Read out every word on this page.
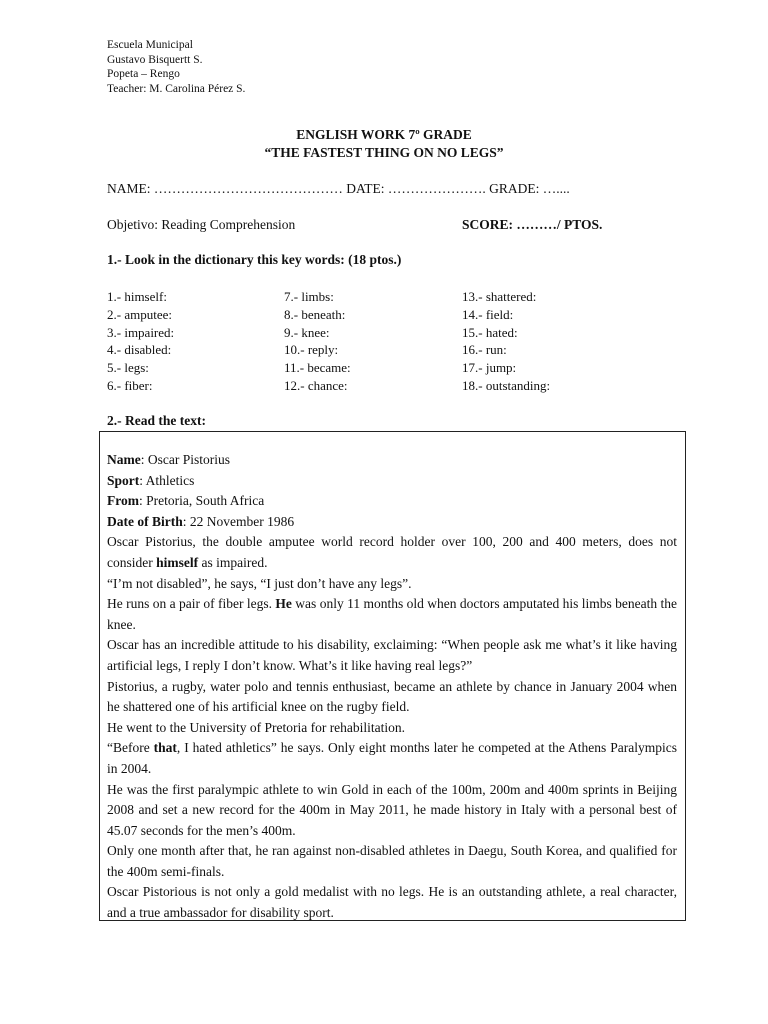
Escuela Municipal
Gustavo Bisquertt S.
Popeta – Rengo
Teacher: M. Carolina Pérez S.
ENGLISH WORK 7º GRADE
“THE FASTEST THING ON NO LEGS”
NAME: …………………………………… DATE: …………………. GRADE: …....
Objetivo: Reading Comprehension	SCORE: ………/ PTOS.
1.- Look in the dictionary this key words: (18 ptos.)
1.- himself:
2.- amputee:
3.- impaired:
4.- disabled:
5.- legs:
6.- fiber:
7.- limbs:
8.- beneath:
9.- knee:
10.- reply:
11.- became:
12.- chance:
13.- shattered:
14.- field:
15.- hated:
16.- run:
17.- jump:
18.- outstanding:
2.- Read the text:

Name: Oscar Pistorius

Sport: Athletics

From: Pretoria, South Africa

Date of Birth: 22 November 1986

Oscar Pistorius, the double amputee world record holder over 100, 200 and 400 meters, does not consider himself as impaired.

“I’m not disabled”, he says, “I just don’t have any legs”.

He runs on a pair of fiber legs. He was only 11 months old when doctors amputated his limbs beneath the knee.

Oscar has an incredible attitude to his disability, exclaiming: “When people ask me what’s it like having artificial legs, I reply I don’t know. What’s it like having real legs?”

Pistorius, a rugby, water polo and tennis enthusiast, became an athlete by chance in January 2004 when he shattered one of his artificial knee on the rugby field.

He went to the University of Pretoria for rehabilitation.

“Before that, I hated athletics” he says. Only eight months later he competed at the Athens Paralympics in 2004.

He was the first paralympic athlete to win Gold in each of the 100m, 200m and 400m sprints in Beijing 2008 and set a new record for the 400m in May 2011, he made history in Italy with a personal best of 45.07 seconds for the men’s 400m.

Only one month after that, he ran against non-disabled athletes in Daegu, South Korea, and qualified for the 400m semi-finals.

Oscar Pistorious is not only a gold medalist with no legs. He is an outstanding athlete, a real character, and a true ambassador for disability sport.
